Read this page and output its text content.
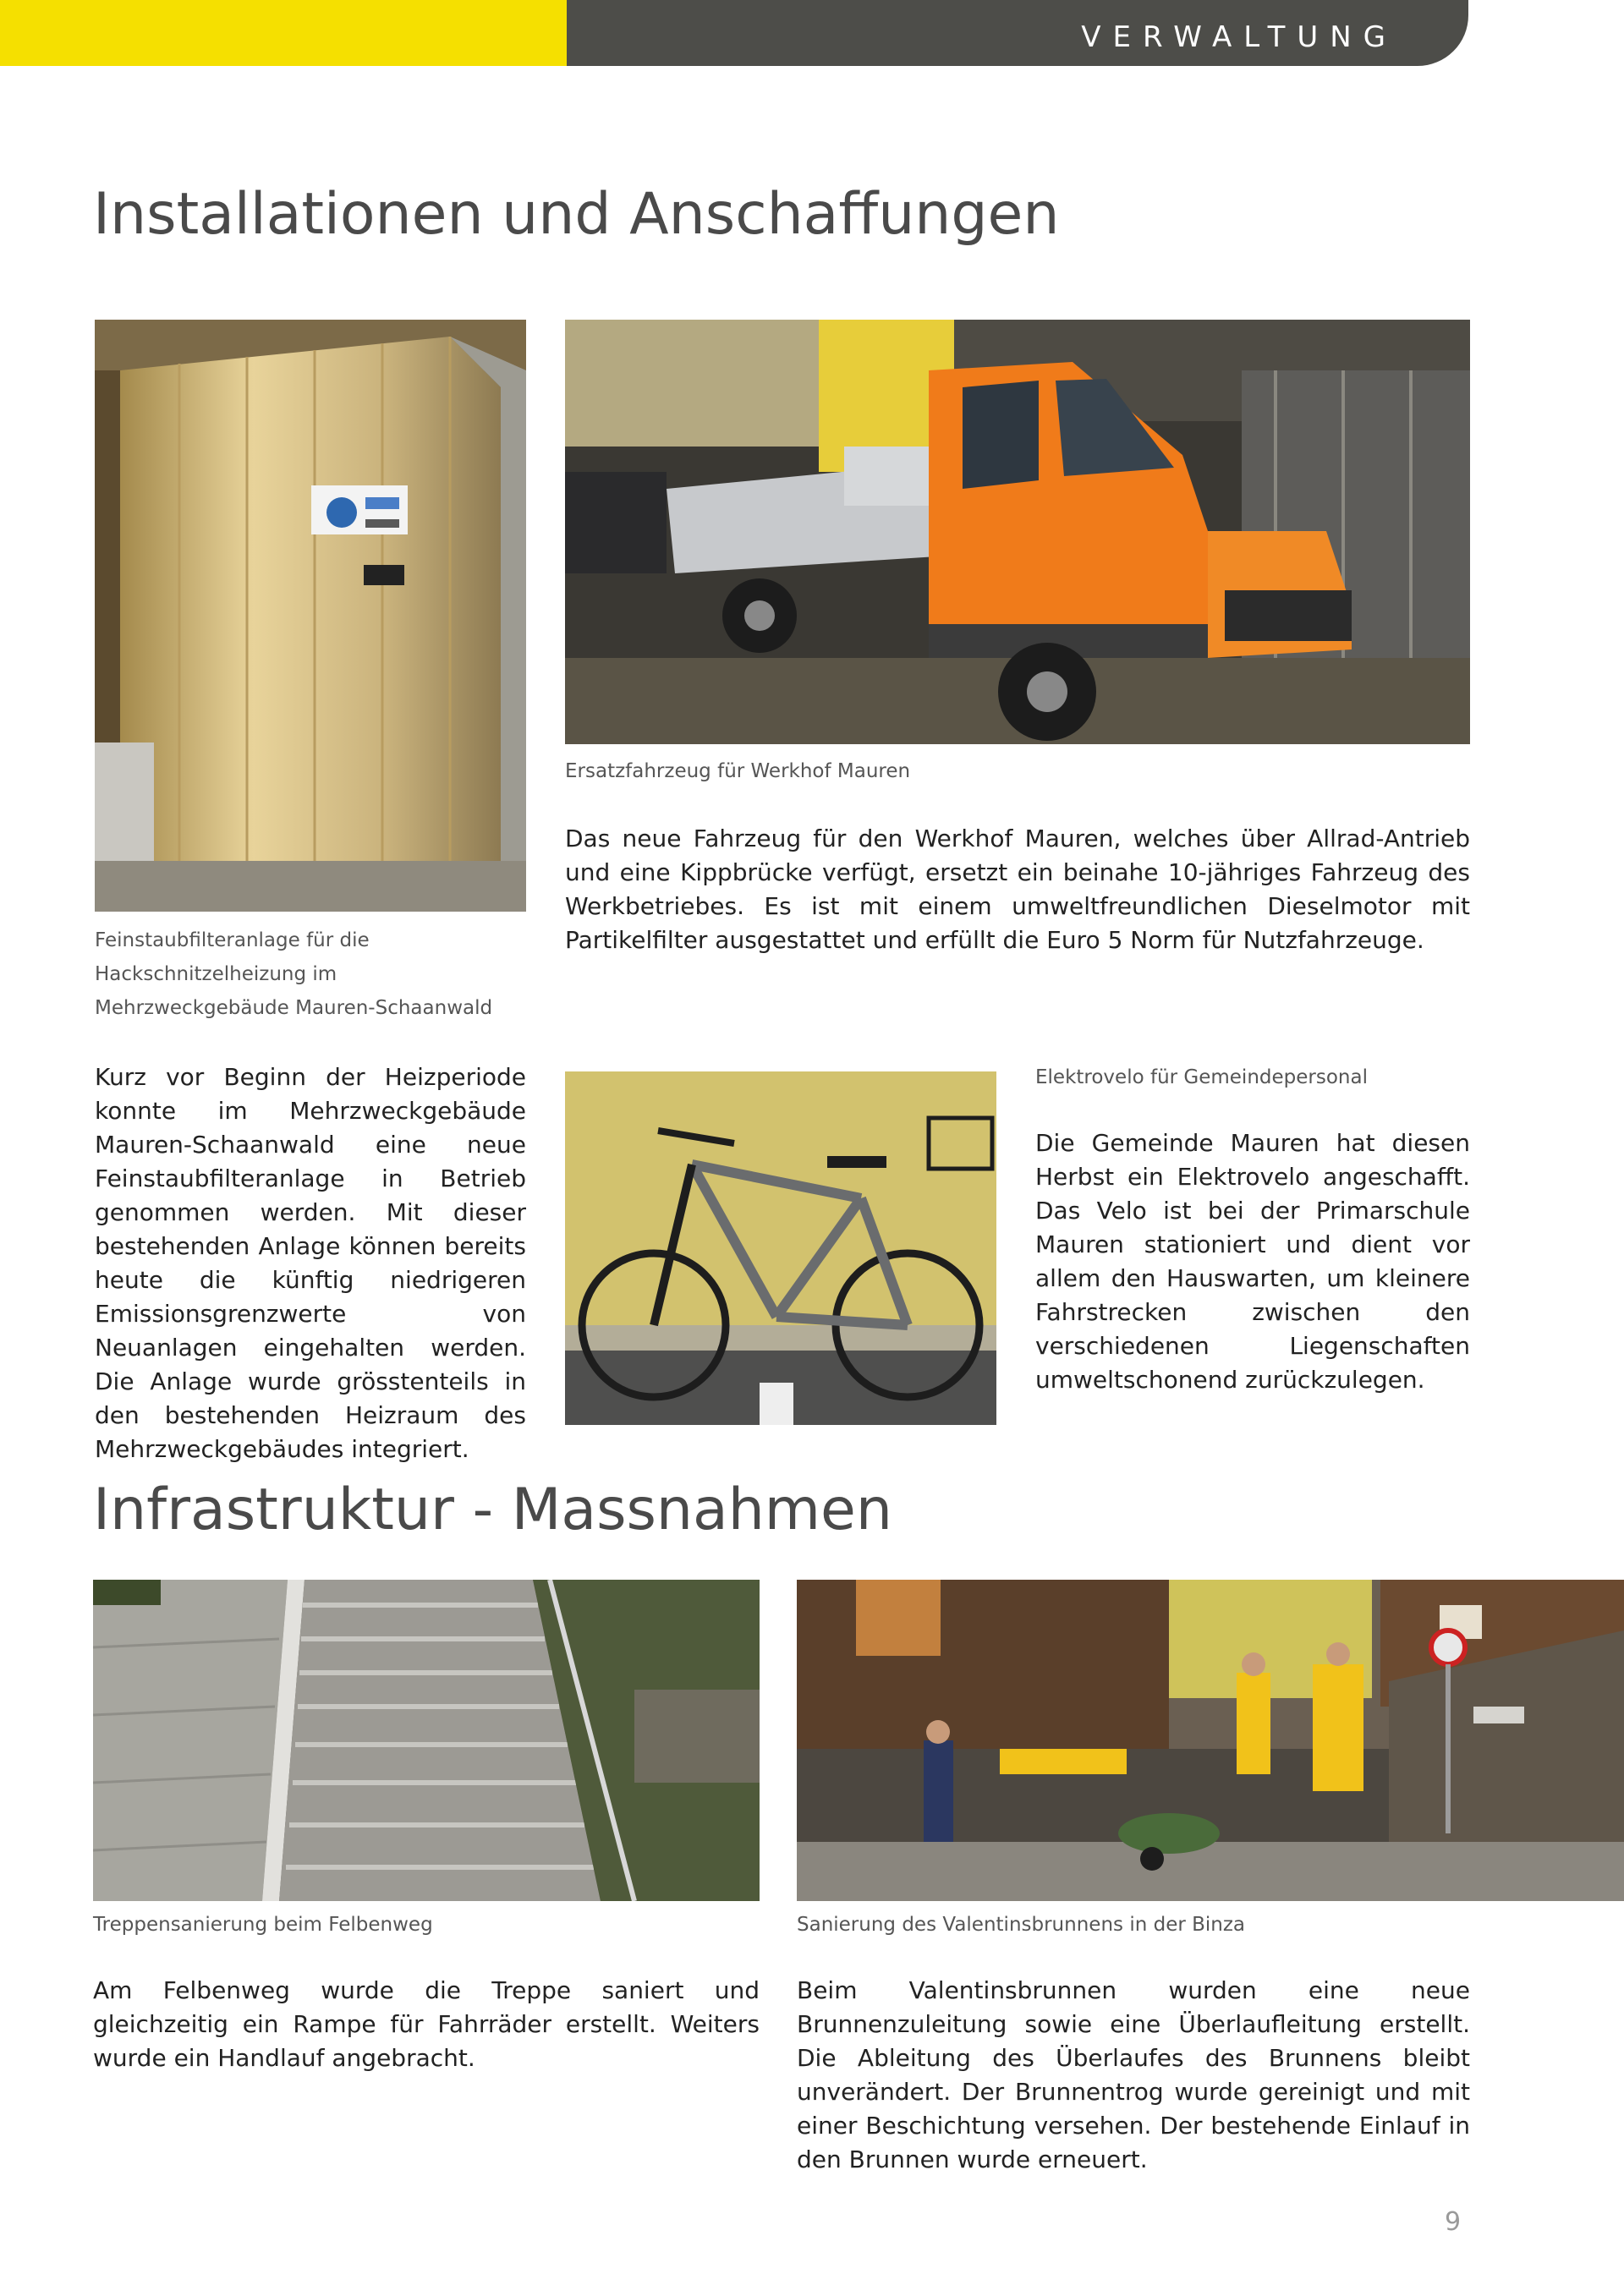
VERWALTUNG
Installationen und Anschaffungen
Feinstaubfilteranlage für die Hackschnitzelheizung im Mehrzweckgebäude Mauren-Schaanwald
Kurz vor Beginn der Heizperiode konnte im Mehrzweckgebäude Mauren-Schaanwald eine neue Feinstaubfilteranlage in Betrieb genommen werden. Mit dieser bestehenden Anlage können bereits heute die künftig niedrigeren Emissionsgrenzwerte von Neuanlagen eingehalten werden. Die Anlage wurde grösstenteils in den bestehenden Heizraum des Mehrzweckgebäudes integriert.
Ersatzfahrzeug für Werkhof Mauren
Das neue Fahrzeug für den Werkhof Mauren, welches über Allrad-Antrieb und eine Kippbrücke verfügt, ersetzt ein beinahe 10-jähriges Fahrzeug des Werkbetriebes. Es ist mit einem umweltfreundlichen Dieselmotor mit Partikelfilter ausgestattet und erfüllt die Euro 5 Norm für Nutzfahrzeuge.
Elektrovelo für Gemeindepersonal
Die Gemeinde Mauren hat diesen Herbst ein Elektrovelo angeschafft. Das Velo ist bei der Primarschule Mauren stationiert und dient vor allem den Hauswarten, um kleinere Fahrstrecken zwischen den verschiedenen Liegenschaften umweltschonend zurückzulegen.
Infrastruktur - Massnahmen
Treppensanierung beim Felbenweg
Am Felbenweg wurde die Treppe saniert und gleichzeitig ein Rampe für Fahrräder erstellt. Weiters wurde ein Handlauf angebracht.
Sanierung des Valentinsbrunnens in der Binza
Beim Valentinsbrunnen wurden eine neue Brunnenzuleitung sowie eine Überlaufleitung erstellt. Die Ableitung des Überlaufes des Brunnens bleibt unverändert. Der Brunnentrog wurde gereinigt und mit einer Beschichtung versehen. Der bestehende Einlauf in den Brunnen wurde erneuert.
9
